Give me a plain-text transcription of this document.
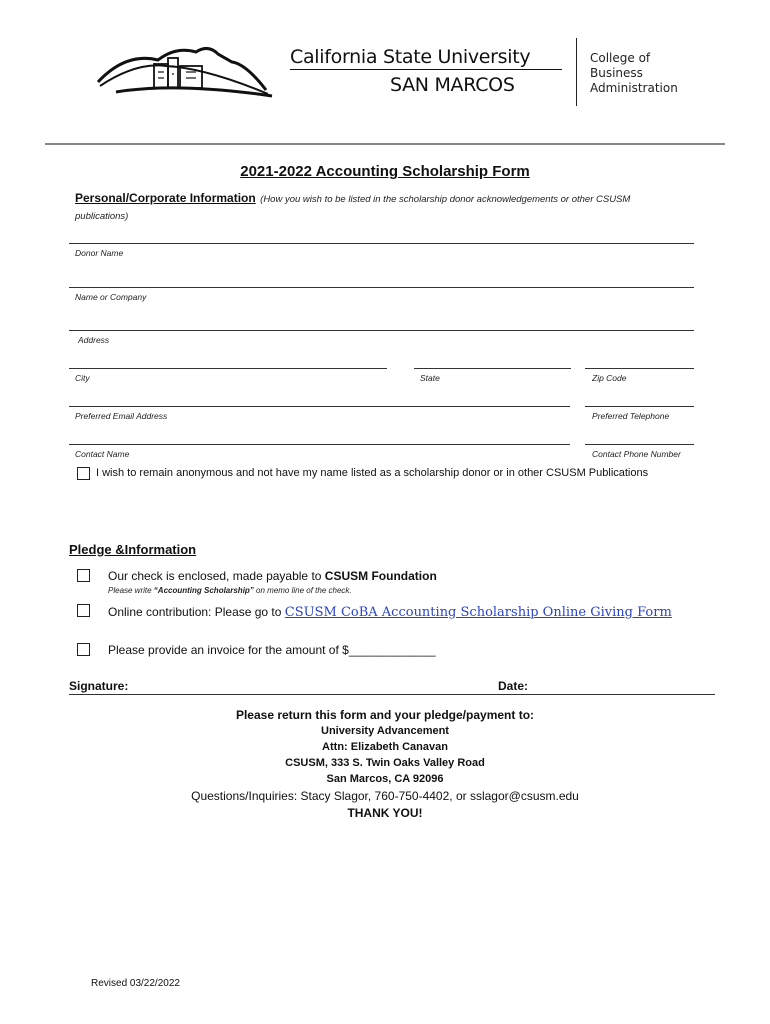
California State University
SAN MARCOS
College of
Business
Administration
2021-2022 Accounting Scholarship Form
Personal/Corporate Information (How you wish to be listed in the scholarship donor acknowledgements or other CSUSM publications)
Donor Name
Name or Company
Address
City	State	Zip Code
Preferred Email Address	Preferred Telephone
Contact Name	Contact Phone Number
I wish to remain anonymous and not have my name listed as a scholarship donor or in other CSUSM Publications
Pledge &Information
Our check is enclosed, made payable to CSUSM Foundation
Please write “Accounting Scholarship” on memo line of the check.
Online contribution: Please go to CSUSM CoBA Accounting Scholarship Online Giving Form
Please provide an invoice for the amount of $_____________
Signature:	Date:
Please return this form and your pledge/payment to:
University Advancement
Attn: Elizabeth Canavan
CSUSM, 333 S. Twin Oaks Valley Road
San Marcos, CA 92096
Questions/Inquiries: Stacy Slagor, 760-750-4402, or sslagor@csusm.edu
THANK YOU!
Revised 03/22/2022
